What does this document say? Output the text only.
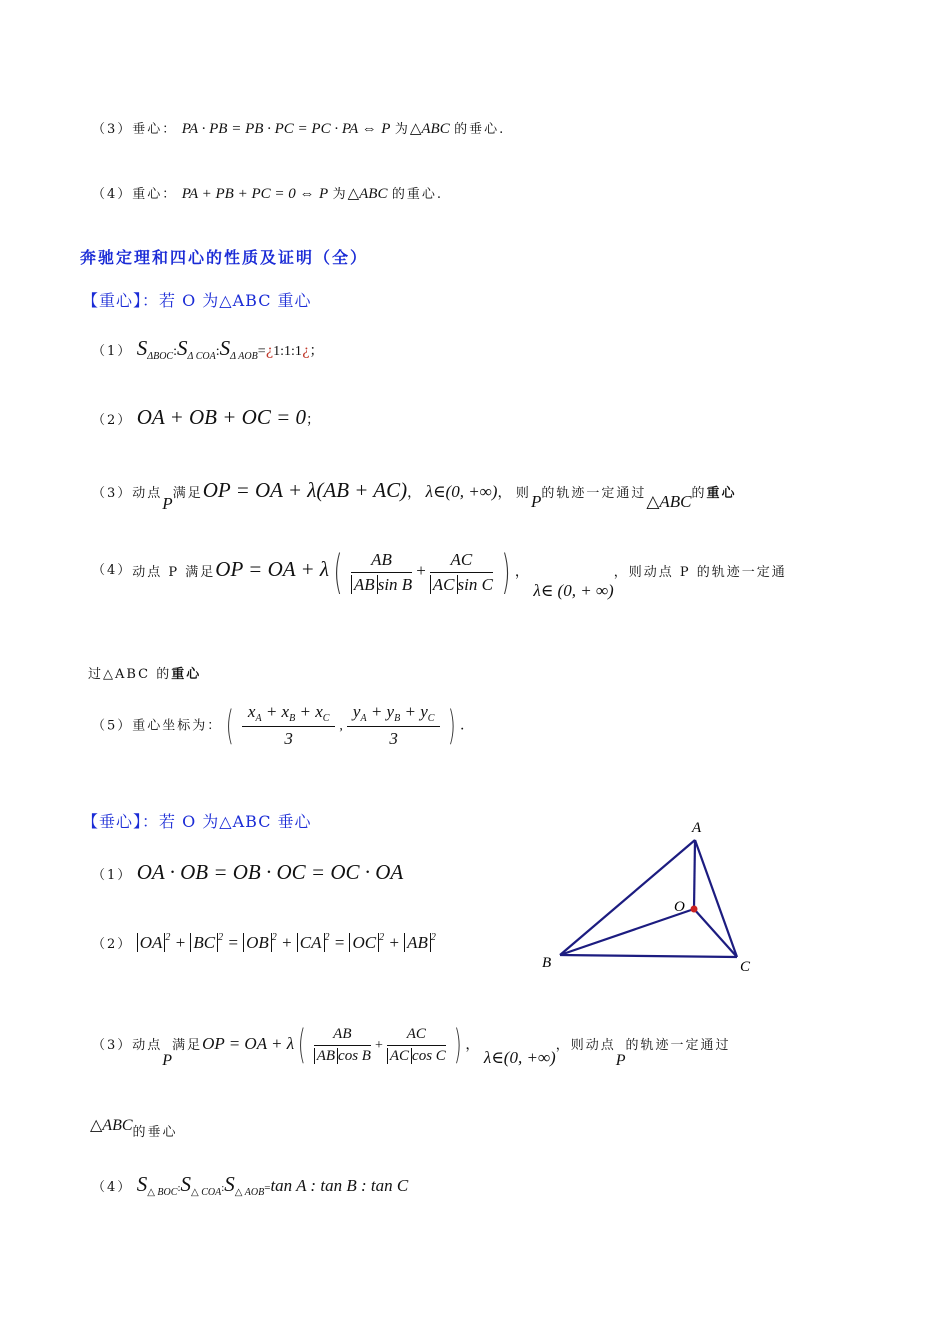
（3）垂心： PA · PB = PB · PC = PC · PA ⇔ P 为△ABC 的垂心.
（4）重心： PA + PB + PC = 0 ⇔ P 为△ABC 的重心.
奔驰定理和四心的性质及证明（全）
【重心】：若 O 为△ABC 重心
（1） $S_{\Delta BOC}:S_{\Delta COA}:S_{\Delta AOB}=¿1:1:1¿$；
（2） OA + OB + OC = 0；
（3）动点P满足OP = OA + λ(AB + AC)， λ∈(0, +∞)， 则P的轨迹一定通过△ABC的重心
（4）动点 P 满足OP = OA + $\lambda( \frac{AB}{\text{AB sin B}} + \frac{AC}{\text{AC sin C}}$ ) ， λ∈ (0, + ∞)，则动点 P 的轨迹一定通
过△ABC 的重心
（5）重心坐标为：( $\frac{x_A + x_B + x_C}{3}$ , $\frac{y_A + y_B + y_C}{3}$ ) .
【垂心】：若 O 为△ABC 垂心
（1） OA · OB = OB · OC = OC · OA
（2） OA $^2$ + BC $^2$ = OB $^2$ + CA $^2$ = OC $^2$ + AB $^2$
（3）动点P满足OP = OA + $\lambda( \frac{AB}{\text{AB cos B}} + \frac{AC}{\text{AC cos C}}$ ) ， λ∈(0, +∞)，则动点P的轨迹一定通过
△ABC的垂心
（4） $S_{\triangle BOC}:S_{\triangle COA}:S_{\triangle AOB}=\tan$ A : tan B : tan C
A
B	C
O
